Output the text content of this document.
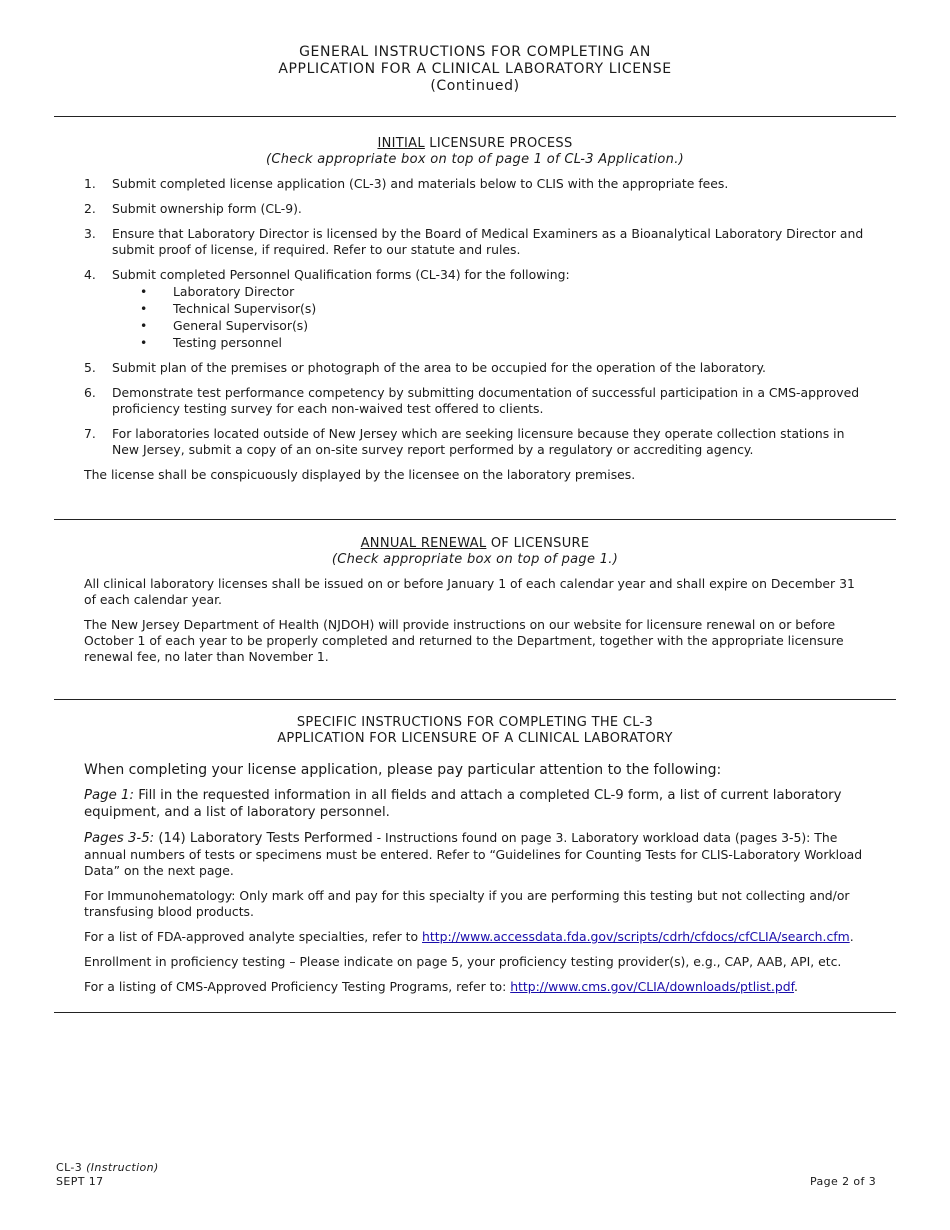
GENERAL INSTRUCTIONS FOR COMPLETING AN
APPLICATION FOR A CLINICAL LABORATORY LICENSE
(Continued)
INITIAL LICENSURE PROCESS
(Check appropriate box on top of page 1 of CL-3 Application.)
1. Submit completed license application (CL-3) and materials below to CLIS with the appropriate fees.
2. Submit ownership form (CL-9).
3. Ensure that Laboratory Director is licensed by the Board of Medical Examiners as a Bioanalytical Laboratory Director and submit proof of license, if required. Refer to our statute and rules.
4. Submit completed Personnel Qualification forms (CL-34) for the following:
• Laboratory Director
• Technical Supervisor(s)
• General Supervisor(s)
• Testing personnel
5. Submit plan of the premises or photograph of the area to be occupied for the operation of the laboratory.
6. Demonstrate test performance competency by submitting documentation of successful participation in a CMS-approved proficiency testing survey for each non-waived test offered to clients.
7. For laboratories located outside of New Jersey which are seeking licensure because they operate collection stations in New Jersey, submit a copy of an on-site survey report performed by a regulatory or accrediting agency.
The license shall be conspicuously displayed by the licensee on the laboratory premises.
ANNUAL RENEWAL OF LICENSURE
(Check appropriate box on top of page 1.)
All clinical laboratory licenses shall be issued on or before January 1 of each calendar year and shall expire on December 31 of each calendar year.
The New Jersey Department of Health (NJDOH) will provide instructions on our website for licensure renewal on or before October 1 of each year to be properly completed and returned to the Department, together with the appropriate licensure renewal fee, no later than November 1.
SPECIFIC INSTRUCTIONS FOR COMPLETING THE CL-3
APPLICATION FOR LICENSURE OF A CLINICAL LABORATORY
When completing your license application, please pay particular attention to the following:
Page 1: Fill in the requested information in all fields and attach a completed CL-9 form, a list of current laboratory equipment, and a list of laboratory personnel.
Pages 3-5: (14) Laboratory Tests Performed - Instructions found on page 3. Laboratory workload data (pages 3-5): The annual numbers of tests or specimens must be entered. Refer to “Guidelines for Counting Tests for CLIS-Laboratory Workload Data” on the next page.
For Immunohematology: Only mark off and pay for this specialty if you are performing this testing but not collecting and/or transfusing blood products.
For a list of FDA-approved analyte specialties, refer to http://www.accessdata.fda.gov/scripts/cdrh/cfdocs/cfCLIA/search.cfm.
Enrollment in proficiency testing – Please indicate on page 5, your proficiency testing provider(s), e.g., CAP, AAB, API, etc.
For a listing of CMS-Approved Proficiency Testing Programs, refer to: http://www.cms.gov/CLIA/downloads/ptlist.pdf.
CL-3 (Instruction)
SEPT 17	Page 2 of 3
